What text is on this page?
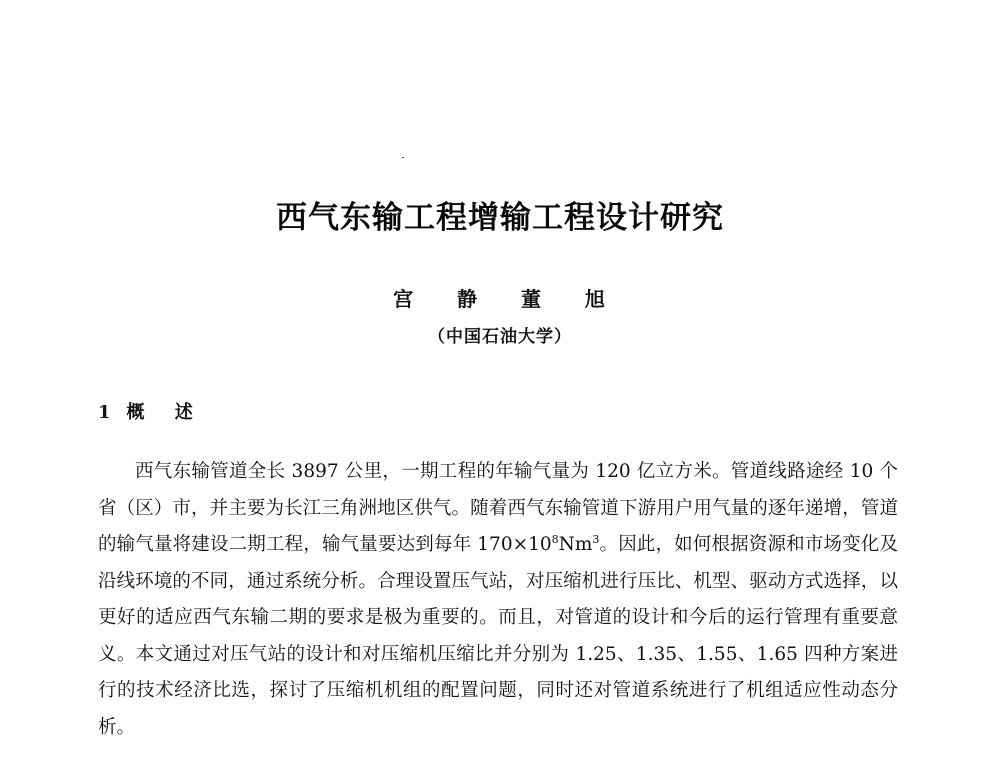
西气东输工程增输工程设计研究
宫  静  董  旭
（中国石油大学）
1 概 述

西气东输管道全长 3897 公里，一期工程的年输气量为 120 亿立方米。管道线路途经 10 个省（区）市，并主要为长江三角洲地区供气。随着西气东输管道下游用户用气量的逐年递增，管道的输气量将建设二期工程，输气量要达到每年 $170\times 10^8Nm^3$。因此，如何根据资源和市场变化及沿线环境的不同，通过系统分析。合理设置压气站，对压缩机进行压比、机型、驱动方式选择，以更好的适应西气东输二期的要求是极为重要的。而且，对管道的设计和今后的运行管理有重要意义。本文通过对压气站的设计和对压缩机压缩比并分别为 1.25、1.35、1.55、1.65 四种方案进行的技术经济比选，探讨了压缩机机组的配置问题，同时还对管道系统进行了机组适应性动态分析。
